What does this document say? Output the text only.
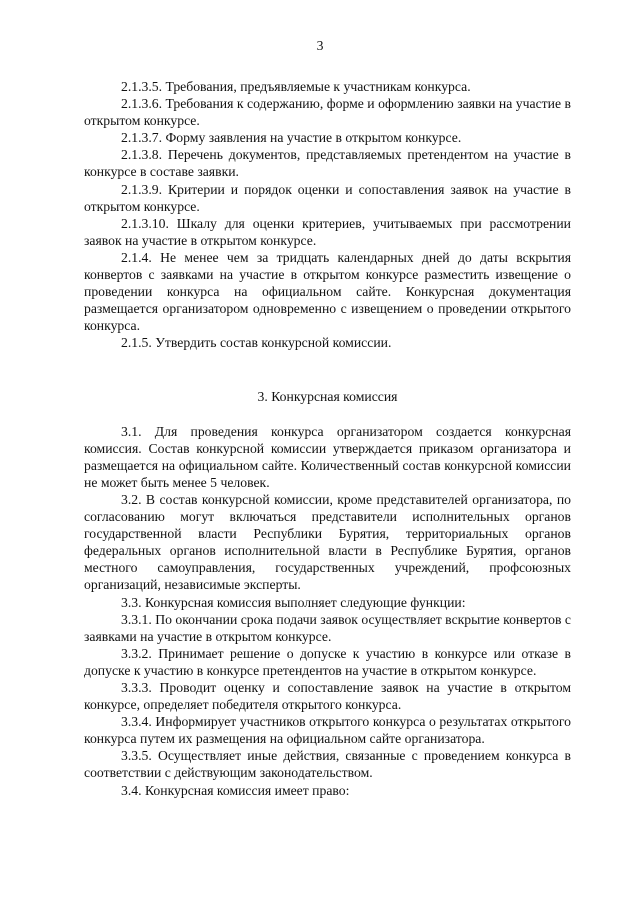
3

2.1.3.5. Требования, предъявляемые к участникам конкурса.

2.1.3.6. Требования к содержанию, форме и оформлению заявки на участие в открытом конкурсе.

2.1.3.7. Форму заявления на участие в открытом конкурсе.

2.1.3.8. Перечень документов, представляемых претендентом на участие в конкурсе в составе заявки.

2.1.3.9. Критерии и порядок оценки и сопоставления заявок на участие в открытом конкурсе.

2.1.3.10. Шкалу для оценки критериев, учитываемых при рассмотрении заявок на участие в открытом конкурсе.

2.1.4. Не менее чем за тридцать календарных дней до даты вскрытия конвертов с заявками на участие в открытом конкурсе разместить извещение о проведении конкурса на официальном сайте. Конкурсная документация размещается организатором одновременно с извещением о проведении открытого конкурса.

2.1.5. Утвердить состав конкурсной комиссии.

3. Конкурсная комиссия

3.1. Для проведения конкурса организатором создается конкурсная комиссия. Состав конкурсной комиссии утверждается приказом организатора и размещается на официальном сайте. Количественный состав конкурсной комиссии не может быть менее 5 человек.

3.2. В состав конкурсной комиссии, кроме представителей организатора, по согласованию могут включаться представители исполнительных органов государственной власти Республики Бурятия, территориальных органов федеральных органов исполнительной власти в Республике Бурятия, органов местного самоуправления, государственных учреждений, профсоюзных организаций, независимые эксперты.

3.3. Конкурсная комиссия выполняет следующие функции:

3.3.1. По окончании срока подачи заявок осуществляет вскрытие конвертов с заявками на участие в открытом конкурсе.

3.3.2. Принимает решение о допуске к участию в конкурсе или отказе в допуске к участию в конкурсе претендентов на участие в открытом конкурсе.

3.3.3. Проводит оценку и сопоставление заявок на участие в открытом конкурсе, определяет победителя открытого конкурса.

3.3.4. Информирует участников открытого конкурса о результатах открытого конкурса путем их размещения на официальном сайте организатора.

3.3.5. Осуществляет иные действия, связанные с проведением конкурса в соответствии с действующим законодательством.

3.4. Конкурсная комиссия имеет право:
